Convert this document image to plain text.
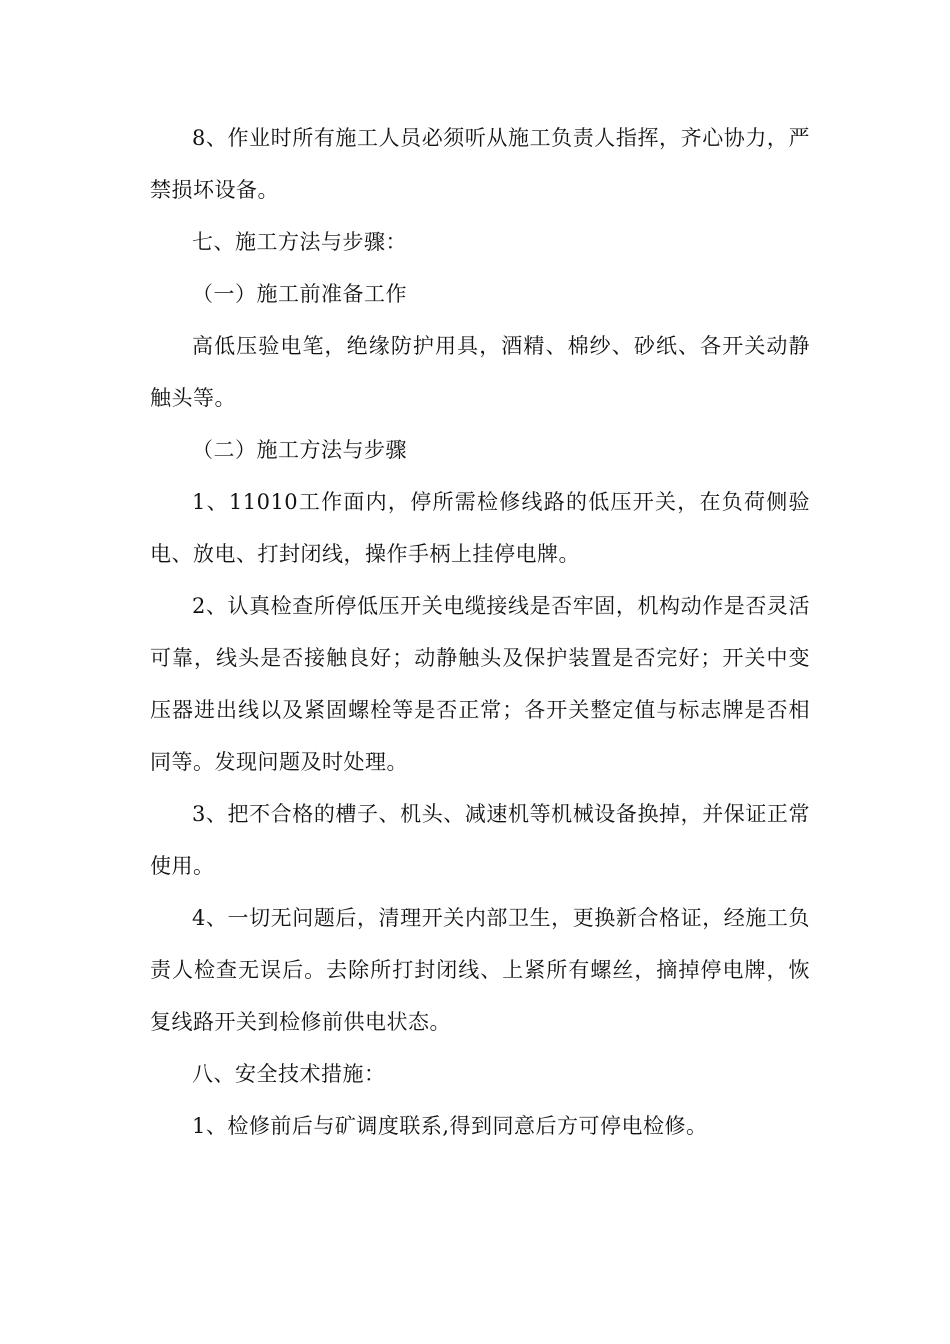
8、作业时所有施工人员必须听从施工负责人指挥，齐心协力，严禁损坏设备。

七、施工方法与步骤：

（一）施工前准备工作

高低压验电笔，绝缘防护用具，酒精、棉纱、砂纸、各开关动静触头等。

（二）施工方法与步骤

1、11010工作面内，停所需检修线路的低压开关，在负荷侧验电、放电、打封闭线，操作手柄上挂停电牌。

2、认真检查所停低压开关电缆接线是否牢固，机构动作是否灵活可靠，线头是否接触良好；动静触头及保护装置是否完好；开关中变压器进出线以及紧固螺栓等是否正常；各开关整定值与标志牌是否相同等。发现问题及时处理。

3、把不合格的槽子、机头、减速机等机械设备换掉，并保证正常使用。

4、一切无问题后，清理开关内部卫生，更换新合格证，经施工负责人检查无误后。去除所打封闭线、上紧所有螺丝，摘掉停电牌，恢复线路开关到检修前供电状态。

八、安全技术措施：

1、检修前后与矿调度联系,得到同意后方可停电检修。
